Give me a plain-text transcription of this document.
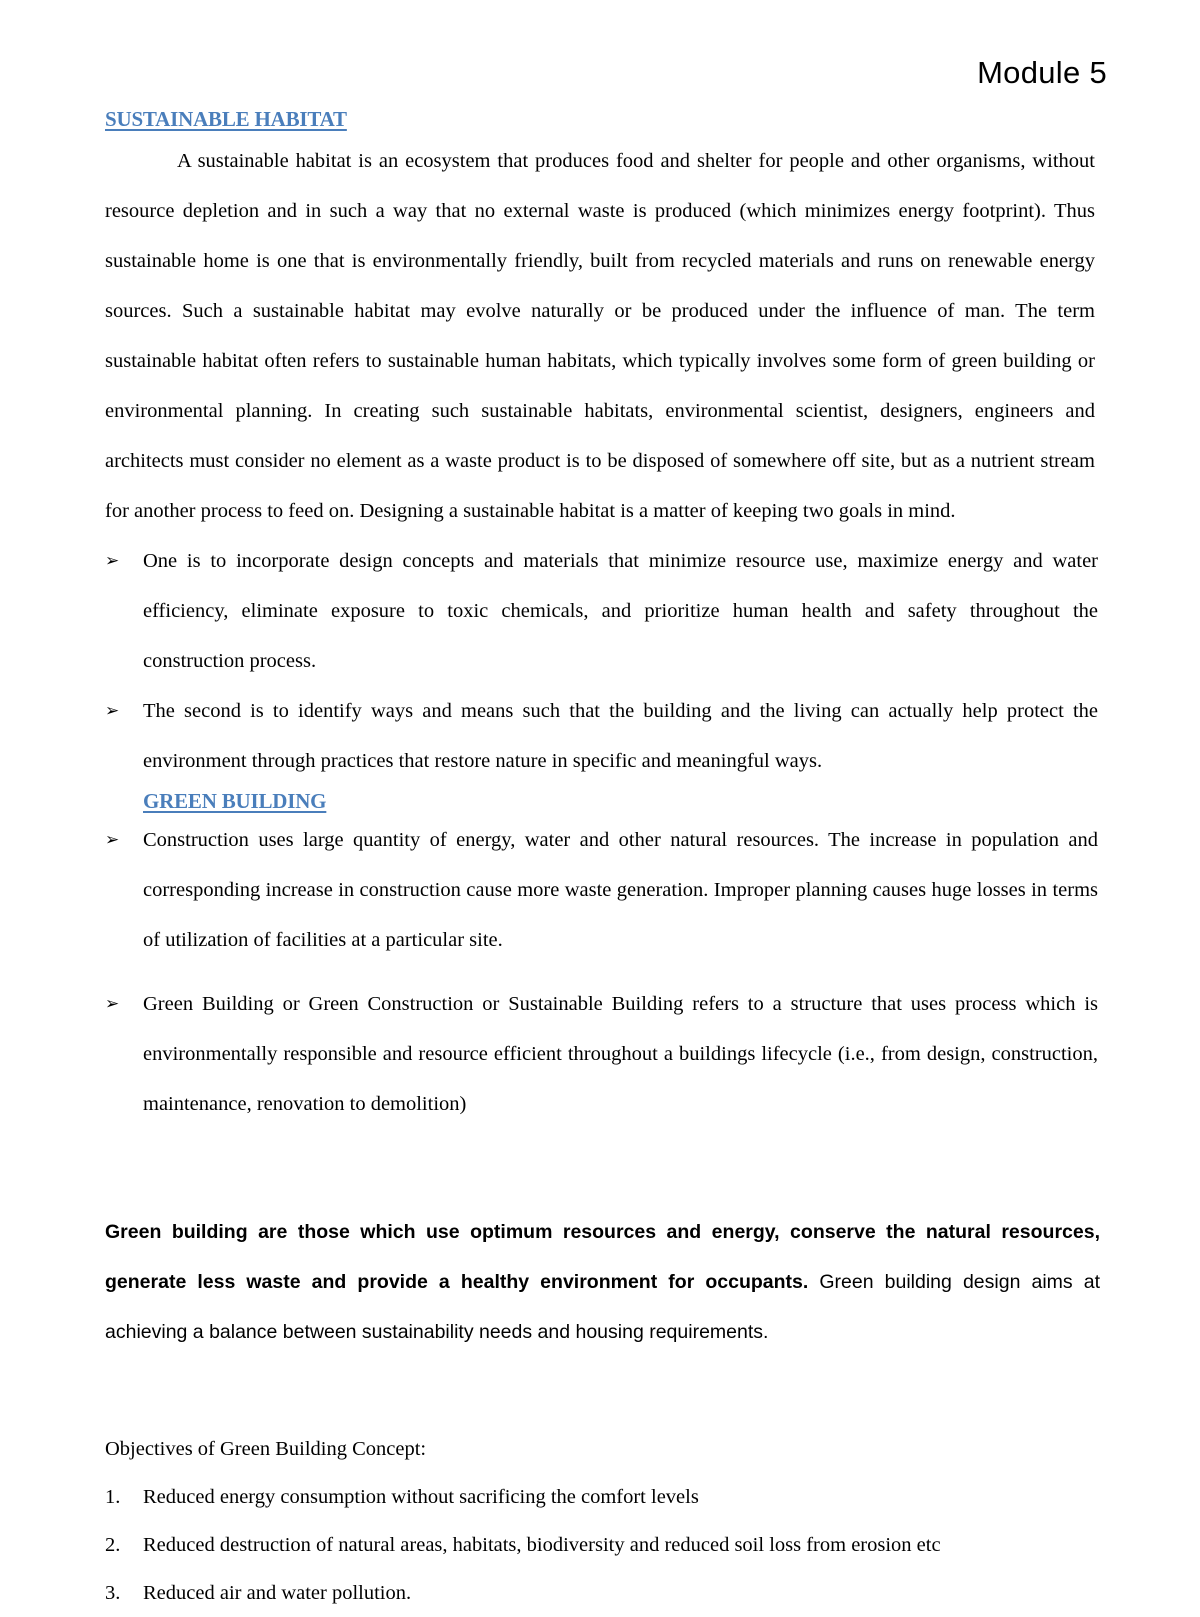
Module 5
SUSTAINABLE HABITAT

A sustainable habitat is an ecosystem that produces food and shelter for people and other organisms, without resource depletion and in such a way that no external waste is produced (which minimizes energy footprint). Thus sustainable home is one that is environmentally friendly, built from recycled materials and runs on renewable energy sources. Such a sustainable habitat may evolve naturally or be produced under the influence of man. The term sustainable habitat often refers to sustainable human habitats, which typically involves some form of green building or environmental planning. In creating such sustainable habitats, environmental scientist, designers, engineers and architects must consider no element as a waste product is to be disposed of somewhere off site, but as a nutrient stream for another process to feed on. Designing a sustainable habitat is a matter of keeping two goals in mind.

➢	One is to incorporate design concepts and materials that minimize resource use, maximize energy and water efficiency, eliminate exposure to toxic chemicals, and prioritize human health and safety throughout the construction process.
➢	The second is to identify ways and means such that the building and the living can actually help protect the environment through practices that restore nature in specific and meaningful ways.
GREEN BUILDING
➢	Construction uses large quantity of energy, water and other natural resources. The increase in population and corresponding increase in construction cause more waste generation. Improper planning causes huge losses in terms of utilization of facilities at a particular site.
➢	Green Building or Green Construction or Sustainable Building refers to a structure that uses process which is environmentally responsible and resource efficient throughout a buildings lifecycle (i.e., from design, construction, maintenance, renovation to demolition)

Green building are those which use optimum resources and energy, conserve the natural resources, generate less waste and provide a healthy environment for occupants. Green building design aims at achieving a balance between sustainability needs and housing requirements.

Objectives of Green Building Concept:

1.	Reduced energy consumption without sacrificing the comfort levels
2.	Reduced destruction of natural areas, habitats, biodiversity and reduced soil loss from erosion etc
3.	Reduced air and water pollution.
